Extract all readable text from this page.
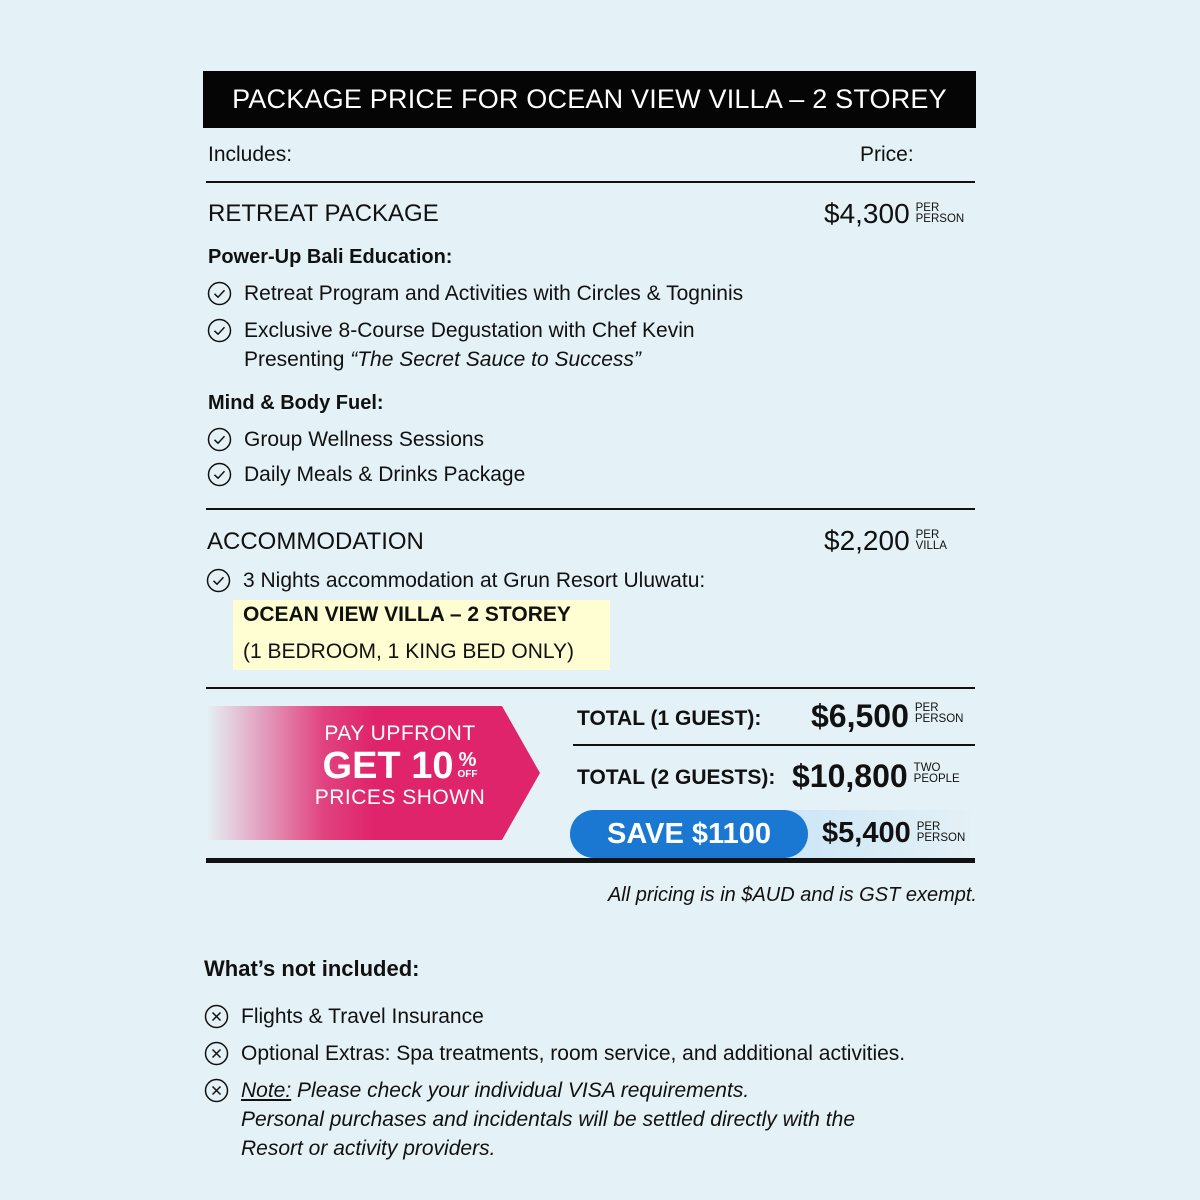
PACKAGE PRICE FOR OCEAN VIEW VILLA – 2 STOREY
Includes:	Price:
RETREAT PACKAGE	$4,300 PER
PERSON
Power-Up Bali Education:
Retreat Program and Activities with Circles & Togninis
Exclusive 8-Course Degustation with Chef Kevin
Presenting “The Secret Sauce to Success”
Mind & Body Fuel:
Group Wellness Sessions
Daily Meals & Drinks Package
ACCOMMODATION	$2,200 PER
VILLA
3 Nights accommodation at Grun Resort Uluwatu:
OCEAN VIEW VILLA – 2 STOREY
(1 BEDROOM, 1 KING BED ONLY)
PAY UPFRONT
GET 10 %
OFF
PRICES SHOWN
TOTAL (1 GUEST): $6,500 PER
PERSON
TOTAL (2 GUESTS): $10,800 TWO
PEOPLE
SAVE $1100	$5,400 PER
PERSON
All pricing is in $AUD and is GST exempt.
What’s not included:
Flights & Travel Insurance
Optional Extras: Spa treatments, room service, and additional activities.
Note: Please check your individual VISA requirements.
Personal purchases and incidentals will be settled directly with the
Resort or activity providers.
